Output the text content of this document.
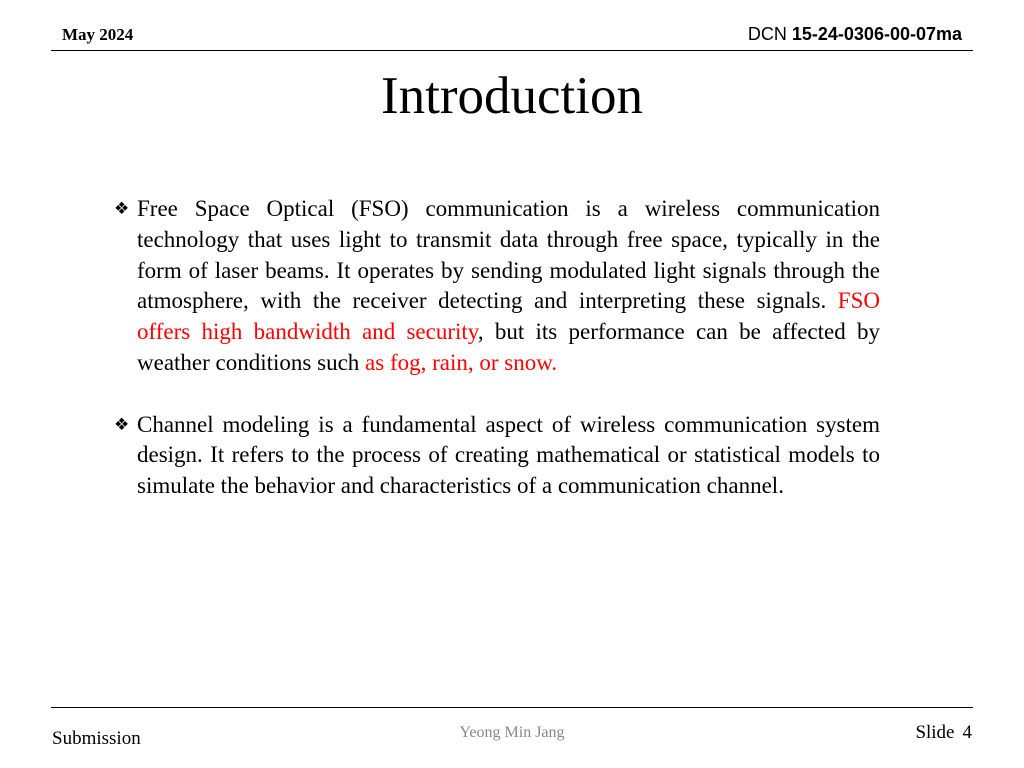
May 2024	DCN 15-24-0306-00-07ma
Introduction

❖ Free Space Optical (FSO) communication is a wireless communication technology that uses light to transmit data through free space, typically in the form of laser beams. It operates by sending modulated light signals through the atmosphere, with the receiver detecting and interpreting these signals. FSO offers high bandwidth and security, but its performance can be affected by weather conditions such as fog, rain, or snow.

❖ Channel modeling is a fundamental aspect of wireless communication system design. It refers to the process of creating mathematical or statistical models to simulate the behavior and characteristics of a communication channel.

Submission	Yeong Min Jang	Slide 4
